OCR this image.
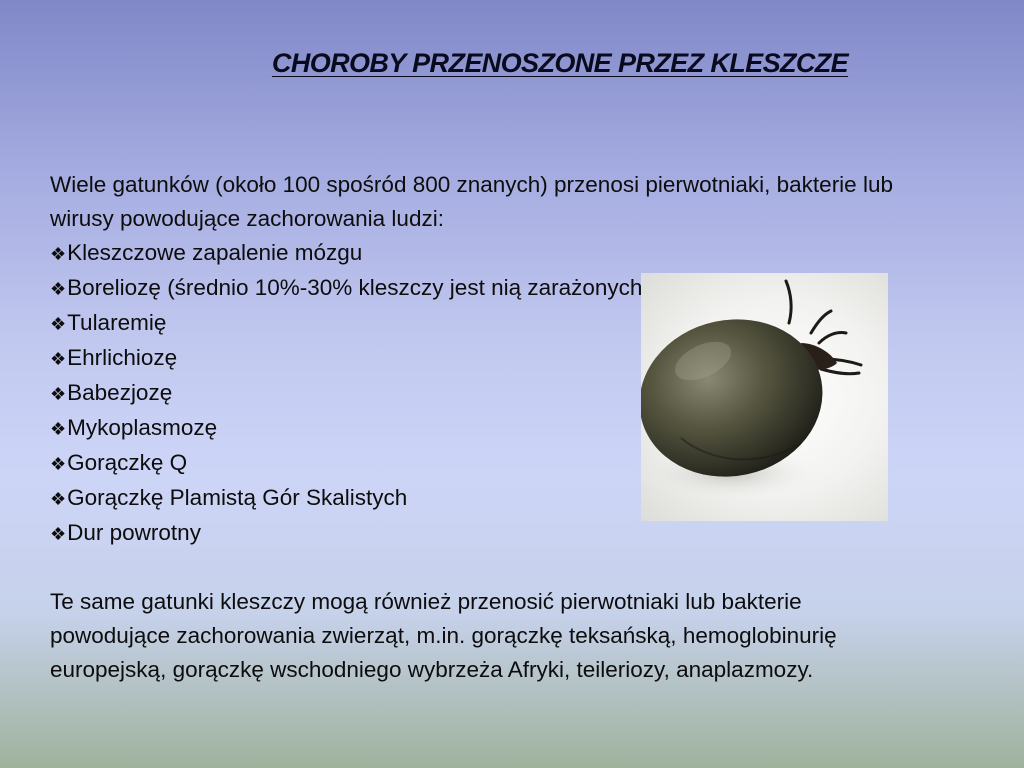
CHOROBY PRZENOSZONE PRZEZ KLESZCZE

Wiele gatunków (około 100 spośród 800 znanych) przenosi pierwotniaki, bakterie lub wirusy powodujące zachorowania ludzi:

❖Kleszczowe zapalenie mózgu
❖Boreliozę (średnio 10%-30% kleszczy jest nią zarażonych
❖Tularemię
❖Ehrlichiozę
❖Babezjozę
❖Mykoplasmozę
❖Gorączkę Q
❖Gorączkę Plamistą Gór Skalistych
❖Dur powrotny

Te same gatunki kleszczy mogą również przenosić pierwotniaki lub bakterie powodujące zachorowania zwierząt, m.in. gorączkę teksańską, hemoglobinurię europejską, gorączkę wschodniego wybrzeża Afryki, teileriozy, anaplazmozy.
